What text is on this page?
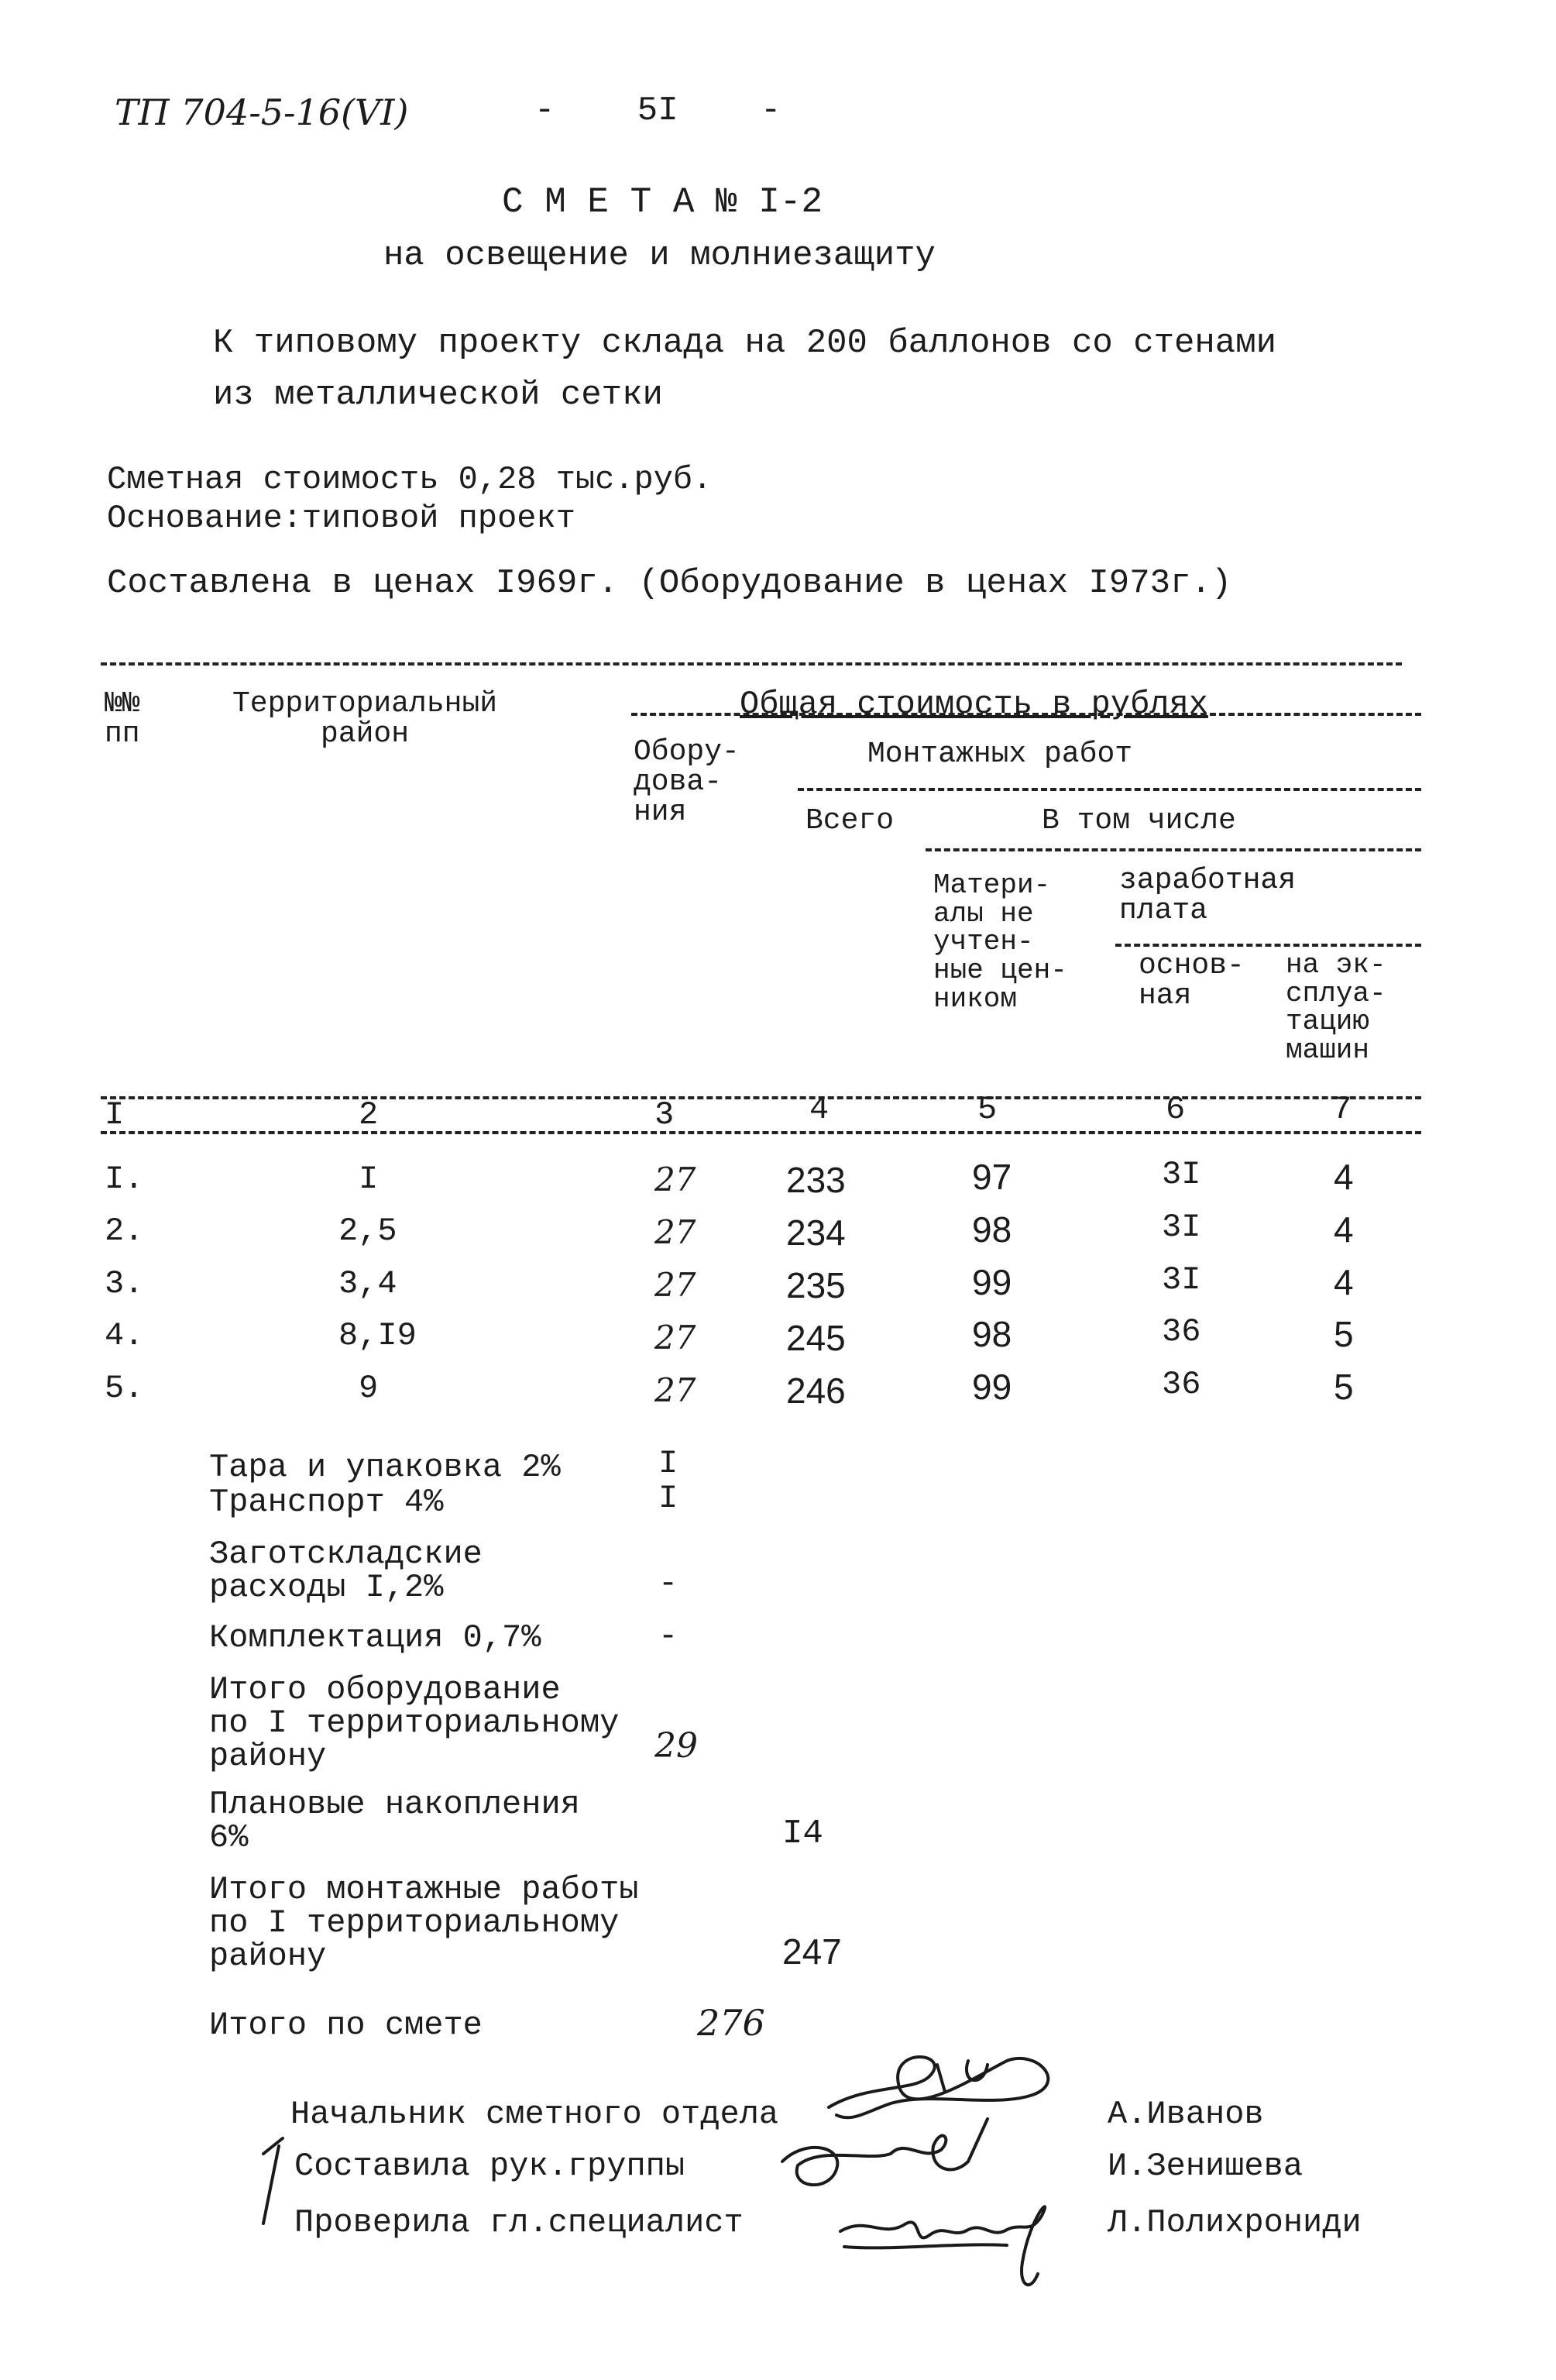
ТП 704-5-16(VI)	- 5I -
С М Е Т А № I-2
на освещение и молниезащиту
К типовому проекту склада на 200 баллонов со стенами
из металлической сетки
Сметная стоимость 0,28 тыс.руб.
Основание:типовой проект
Составлена в ценах I969г. (Оборудование в ценах I973г.)
№№
пп
Территориальный
район
Общая стоимость в рублях
Обору-
дова-
ния
Монтажных работ
Всего	В том числе
Матери-
алы не
учтен-
ные цен-
ником
заработная
плата
основ-
ная
на эк-
сплуа-
тацию
машин
I	2	3	4	5	6	7
I.	I	27	233	97	3I	4
2.	2,5	27	234	98	3I	4
3.	3,4	27	235	99	3I	4
4.	8,I9	27	245	98	36	5
5.	9	27	246	99	36	5
Тара и упаковка 2%	I
Транспорт 4%	I
Заготскладские
расходы I,2%	-
Комплектация 0,7%	-
Итого оборудование
по I территориальному
району	29
Плановые накопления
6%	I4
Итого монтажные работы
по I территориальному
району	247
Итого по смете	276
Начальник сметного отдела	А.Иванов
Составила рук.группы	И.Зенишева
Проверила гл.специалист	Л.Полихрониди
